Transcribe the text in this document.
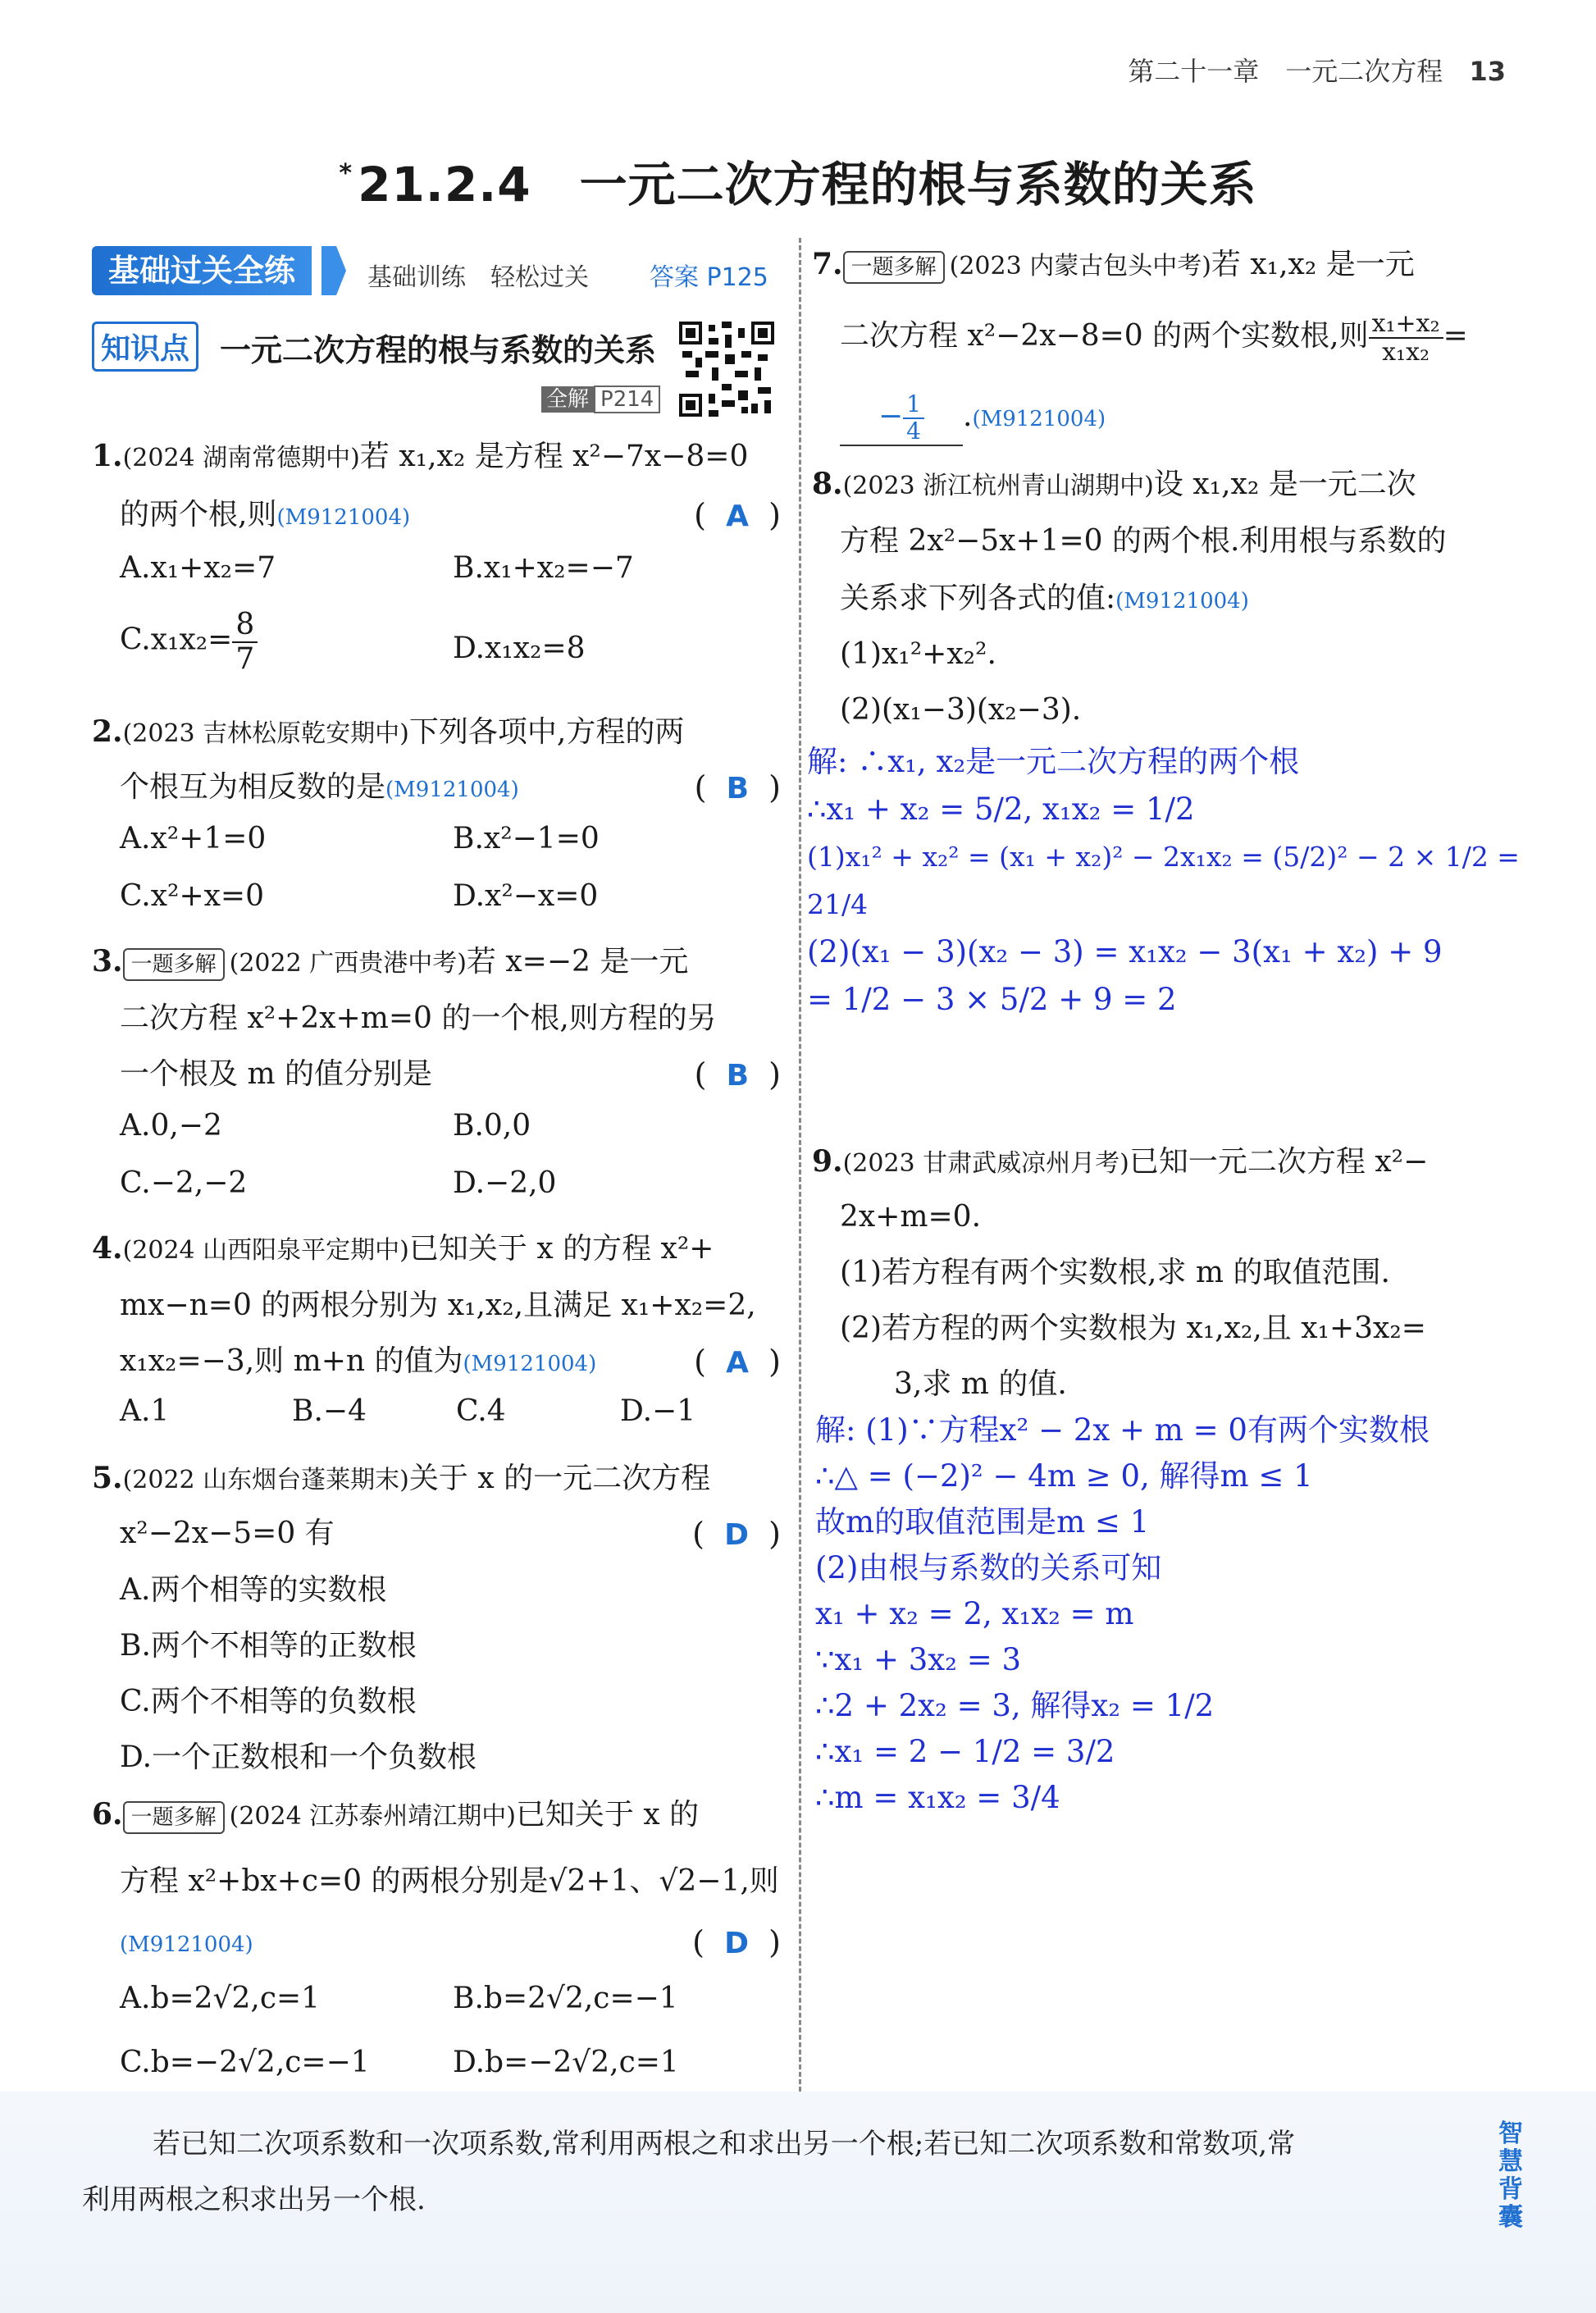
第二十一章　一元二次方程 13
* 21.2.4　一元二次方程的根与系数的关系
基础过关全练	基础训练　轻松过关 答案 P125
知识点 一元二次方程的根与系数的关系
全解 P214
1.(2024 湖南常德期中)若 x₁,x₂ 是方程 x²−7x−8=0
的两个根,则(M9121004)	(  A  )
A.x₁+x₂=7	B.x₁+x₂=−7
$C.x_1x_2= \frac{8}{7}$	D.x₁x₂=8
2.(2023 吉林松原乾安期中)下列各项中,方程的两
个根互为相反数的是(M9121004)	(  B  )
A.x²+1=0	B.x²−1=0
C.x²+x=0	D.x²−x=0
3. 一题多解 (2022 广西贵港中考)若 x=−2 是一元
二次方程 x²+2x+m=0 的一个根,则方程的另
一个根及 m 的值分别是	(  B  )
A.0,−2	B.0,0
C.−2,−2	D.−2,0
4.(2024 山西阳泉平定期中)已知关于 x 的方程 x²+
mx−n=0 的两根分别为 x₁,x₂,且满足 x₁+x₂=2,
x₁x₂=−3,则 m+n 的值为(M9121004)	(  A  )
A.1	B.−4	C.4	D.−1
5.(2022 山东烟台蓬莱期末)关于 x 的一元二次方程
x²−2x−5=0 有	(  D  )
A.两个相等的实数根
B.两个不相等的正数根
C.两个不相等的负数根
D.一个正数根和一个负数根
6. 一题多解 (2024 江苏泰州靖江期中)已知关于 x 的
方程 x²+bx+c=0 的两根分别是√2+1、√2−1,则
(M9121004)	(  D  )
A.b=2√2,c=1	B.b=2√2,c=−1
C.b=−2√2,c=−1	D.b=−2√2,c=1
7. 一题多解 (2023 内蒙古包头中考)若 x₁,x₂ 是一元
二次方程 x²−2x−8=0 的两个实数根,则 $\frac{\text{x₁+x₂}}{\text{x₁x₂}}$ =
− $\frac{1}{4} .(M9121004)$
8.(2023 浙江杭州青山湖期中)设 x₁,x₂ 是一元二次
方程 2x²−5x+1=0 的两个根.利用根与系数的
关系求下列各式的值:(M9121004)
(1)x₁²+x₂².
(2)(x₁−3)(x₂−3).
解: ∴x₁, x₂是一元二次方程的两个根
∴x₁ + x₂ = 5/2, x₁x₂ = 1/2
(1)x₁² + x₂² = (x₁ + x₂)² − 2x₁x₂ = (5/2)² − 2 × 1/2 = 21/4
(2)(x₁ − 3)(x₂ − 3) = x₁x₂ − 3(x₁ + x₂) + 9
= 1/2 − 3 × 5/2 + 9 = 2
9.(2023 甘肃武威凉州月考)已知一元二次方程 x²−
2x+m=0.
(1)若方程有两个实数根,求 m 的取值范围.
(2)若方程的两个实数根为 x₁,x₂,且 x₁+3x₂=
3,求 m 的值.
解: (1)∵方程x² − 2x + m = 0有两个实数根
∴△ = (−2)² − 4m ≥ 0, 解得m ≤ 1
故m的取值范围是m ≤ 1
(2)由根与系数的关系可知
x₁ + x₂ = 2, x₁x₂ = m
∵x₁ + 3x₂ = 3
∴2 + 2x₂ = 3, 解得x₂ = 1/2
∴x₁ = 2 − 1/2 = 3/2
∴m = x₁x₂ = 3/4
若已知二次项系数和一次项系数,常利用两根之和求出另一个根;若已知二次项系数和常数项,常
利用两根之积求出另一个根.
智慧背囊
